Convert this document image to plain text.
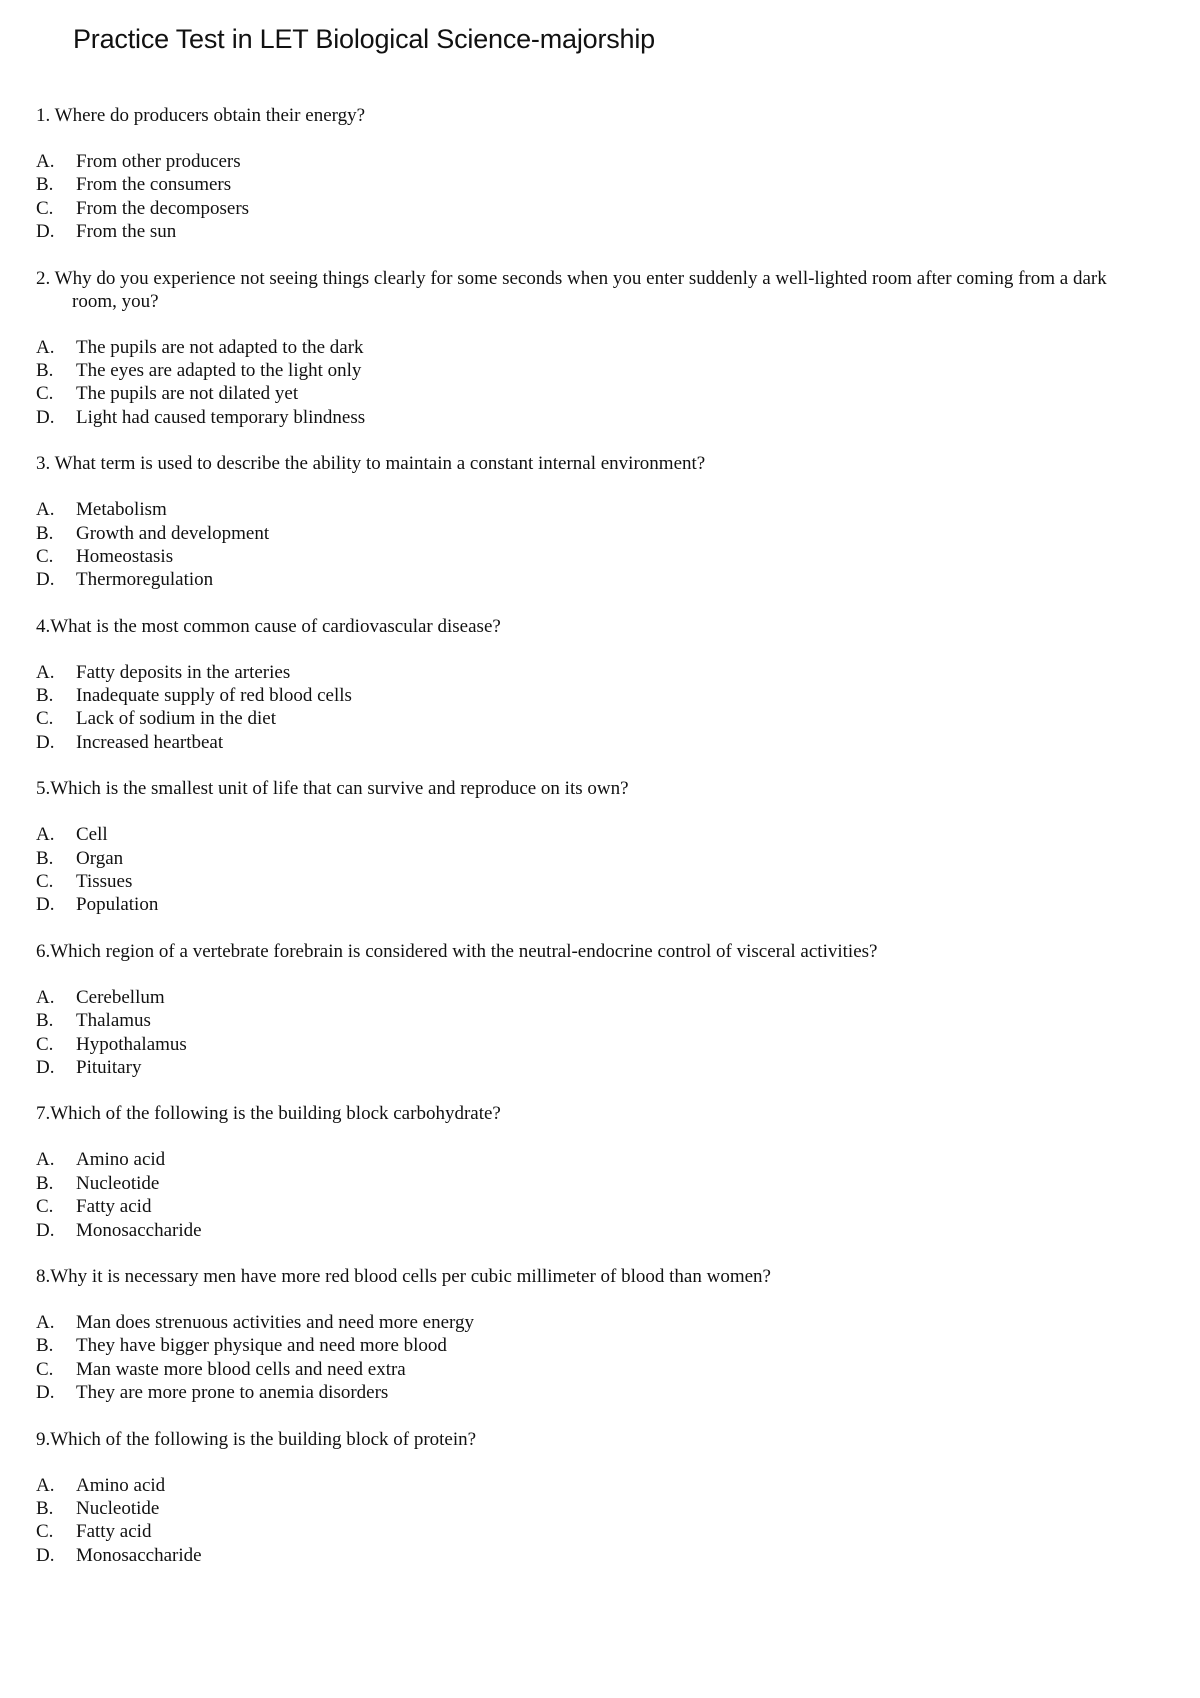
Practice Test in LET Biological Science-majorship
1. Where do producers obtain their energy?
A. From other producers
B. From the consumers
C. From the decomposers
D. From the sun
2. Why do you experience not seeing things clearly for some seconds when you enter suddenly a well-lighted room after coming from a dark room, you?
A. The pupils are not adapted to the dark
B. The eyes are adapted to the light only
C. The pupils are not dilated yet
D. Light had caused temporary blindness
3. What term is used to describe the ability to maintain a constant internal environment?
A. Metabolism
B. Growth and development
C. Homeostasis
D. Thermoregulation
4.What is the most common cause of cardiovascular disease?
A. Fatty deposits in the arteries
B. Inadequate supply of red blood cells
C. Lack of sodium in the diet
D. Increased heartbeat
5.Which is the smallest unit of life that can survive and reproduce on its own?
A. Cell
B. Organ
C. Tissues
D. Population
6.Which region of a vertebrate forebrain is considered with the neutral-endocrine control of visceral activities?
A. Cerebellum
B. Thalamus
C. Hypothalamus
D. Pituitary
7.Which of the following is the building block carbohydrate?
A. Amino acid
B. Nucleotide
C. Fatty acid
D. Monosaccharide
8.Why it is necessary men have more red blood cells per cubic millimeter of blood than women?
A. Man does strenuous activities and need more energy
B. They have bigger physique and need more blood
C. Man waste more blood cells and need extra
D. They are more prone to anemia disorders
9.Which of the following is the building block of protein?
A. Amino acid
B. Nucleotide
C. Fatty acid
D. Monosaccharide
